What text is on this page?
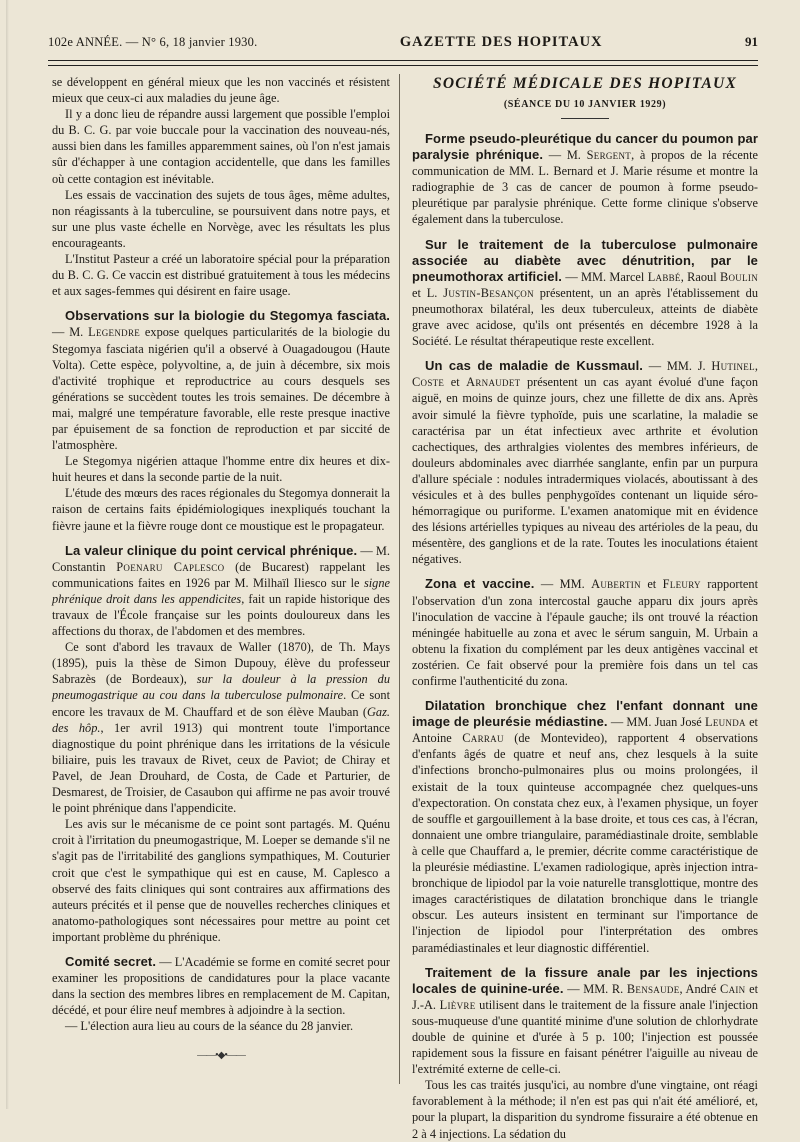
102e ANNÉE. — N° 6, 18 janvier 1930.	GAZETTE DES HOPITAUX	91

se développent en général mieux que les non vaccinés et résistent mieux que ceux-ci aux maladies du jeune âge.

Il y a donc lieu de répandre aussi largement que possible l'emploi du B. C. G. par voie buccale pour la vaccination des nouveau-nés, aussi bien dans les familles apparemment saines, où l'on n'est jamais sûr d'échapper à une contagion accidentelle, que dans les familles où cette contagion est inévitable.

Les essais de vaccination des sujets de tous âges, même adultes, non réagissants à la tuberculine, se poursuivent dans notre pays, et sur une plus vaste échelle en Norvège, avec les résultats les plus encourageants.

L'Institut Pasteur a créé un laboratoire spécial pour la préparation du B. C. G. Ce vaccin est distribué gratuitement à tous les médecins et aux sages-femmes qui désirent en faire usage.

Observations sur la biologie du Stegomya fasciata. — M. Legendre expose quelques particularités de la biologie du Stegomya fasciata nigérien qu'il a observé à Ouagadougou (Haute Volta). Cette espèce, polyvoltine, a, de juin à décembre, six mois d'activité trophique et reproductrice au cours desquels ses générations se succèdent toutes les trois semaines. De décembre à mai, malgré une température favorable, elle reste presque inactive par épuisement de sa fonction de reproduction et par siccité de l'atmosphère.

Le Stegomya nigérien attaque l'homme entre dix heures et dix-huit heures et dans la seconde partie de la nuit.

L'étude des mœurs des races régionales du Stegomya donnerait la raison de certains faits épidémiologiques inexpliqués touchant la fièvre jaune et la fièvre rouge dont ce moustique est le propagateur.

La valeur clinique du point cervical phrénique. — M. Constantin Poenaru Caplesco (de Bucarest) rappelant les communications faites en 1926 par M. Milhaïl Iliesco sur le signe phrénique droit dans les appendicites, fait un rapide historique des travaux de l'École française sur les points douloureux dans les affections du thorax, de l'abdomen et des membres.

Ce sont d'abord les travaux de Waller (1870), de Th. Mays (1895), puis la thèse de Simon Dupouy, élève du professeur Sabrazès (de Bordeaux), sur la douleur à la pression du pneumogastrique au cou dans la tuberculose pulmonaire. Ce sont encore les travaux de M. Chauffard et de son élève Mauban (Gaz. des hôp., 1er avril 1913) qui montrent toute l'importance diagnostique du point phrénique dans les irritations de la vésicule biliaire, puis les travaux de Rivet, ceux de Paviot; de Chiray et Pavel, de Jean Drouhard, de Costa, de Cade et Parturier, de Desmarest, de Troisier, de Casaubon qui affirme ne pas avoir trouvé le point phrénique dans l'appendicite.

Les avis sur le mécanisme de ce point sont partagés. M. Quénu croit à l'irritation du pneumogastrique, M. Loeper se demande s'il ne s'agit pas de l'irritabilité des ganglions sympathiques, M. Couturier croit que c'est le sympathique qui est en cause, M. Caplesco a observé des faits cliniques qui sont contraires aux affirmations des auteurs précités et il pense que de nouvelles recherches cliniques et anatomo-pathologiques sont nécessaires pour mettre au point cet important problème du phrénique.

Comité secret. — L'Académie se forme en comité secret pour examiner les propositions de candidatures pour la place vacante dans la section des membres libres en remplacement de M. Capitan, décédé, et pour élire neuf membres à adjoindre à la section.

— L'élection aura lieu au cours de la séance du 28 janvier.

——•◆•——
SOCIÉTÉ MÉDICALE DES HOPITAUX
(SÉANCE DU 10 JANVIER 1929)

Forme pseudo-pleurétique du cancer du poumon par paralysie phrénique. — M. Sergent, à propos de la récente communication de MM. L. Bernard et J. Marie résume et montre la radiographie de 3 cas de cancer de poumon à forme pseudo-pleurétique par paralysie phrénique. Cette forme clinique s'observe également dans la tuberculose.

Sur le traitement de la tuberculose pulmonaire associée au diabète avec dénutrition, par le pneumothorax artificiel. — MM. Marcel Labbé, Raoul Boulin et L. Justin-Besançon présentent, un an après l'établissement du pneumothorax bilatéral, les deux tuberculeux, atteints de diabète grave avec acidose, qu'ils ont présentés en décembre 1928 à la Société. Le résultat thérapeutique reste excellent.

Un cas de maladie de Kussmaul. — MM. J. Hutinel, Coste et Arnaudet présentent un cas ayant évolué d'une façon aiguë, en moins de quinze jours, chez une fillette de dix ans. Après avoir simulé la fièvre typhoïde, puis une scarlatine, la maladie se caractérisa par un état infectieux avec arthrite et évolution cachectiques, des arthralgies violentes des membres inférieurs, de douleurs abdominales avec diarrhée sanglante, enfin par un purpura d'allure spéciale : nodules intradermiques violacés, aboutissant à des vésicules et à des bulles penphygoïdes contenant un liquide séro-hémorragique ou puriforme. L'examen anatomique mit en évidence des lésions artérielles typiques au niveau des artérioles de la peau, du mésentère, des ganglions et de la rate. Toutes les inoculations étaient négatives.

Zona et vaccine. — MM. Aubertin et Fleury rapportent l'observation d'un zona intercostal gauche apparu dix jours après l'inoculation de vaccine à l'épaule gauche; ils ont trouvé la réaction méningée habituelle au zona et avec le sérum sanguin, M. Urbain a obtenu la fixation du complément par les deux antigènes vaccinal et zostérien. Ce fait observé pour la première fois dans un tel cas confirme l'authenticité du zona.

Dilatation bronchique chez l'enfant donnant une image de pleurésie médiastine. — MM. Juan José Leunda et Antoine Carrau (de Montevideo), rapportent 4 observations d'enfants âgés de quatre et neuf ans, chez lesquels à la suite d'infections broncho-pulmonaires plus ou moins prolongées, il existait de la toux quinteuse accompagnée chez quelques-uns d'expectoration. On constata chez eux, à l'examen physique, un foyer de souffle et gargouillement à la base droite, et tous ces cas, à l'écran, donnaient une ombre triangulaire, paramédiastinale droite, semblable à celle que Chauffard a, le premier, décrite comme caractéristique de la pleurésie médiastine. L'examen radiologique, après injection intra-bronchique de lipiodol par la voie naturelle transglottique, montre des images caractéristiques de dilatation bronchique dans le triangle obscur. Les auteurs insistent en terminant sur l'importance de l'injection de lipiodol pour l'interprétation des ombres paramédiastinales et leur diagnostic différentiel.

Traitement de la fissure anale par les injections locales de quinine-urée. — MM. R. Bensaude, André Cain et J.-A. Lièvre utilisent dans le traitement de la fissure anale l'injection sous-muqueuse d'une quantité minime d'une solution de chlorhydrate double de quinine et d'urée à 5 p. 100; l'injection est poussée rapidement sous la fissure en faisant pénétrer l'aiguille au niveau de l'extrémité externe de celle-ci.

Tous les cas traités jusqu'ici, au nombre d'une vingtaine, ont réagi favorablement à la méthode; il n'en est pas qui n'ait été amélioré, et, pour la plupart, la disparition du syndrome fissuraire a été obtenue en 2 à 4 injections. La sédation du
